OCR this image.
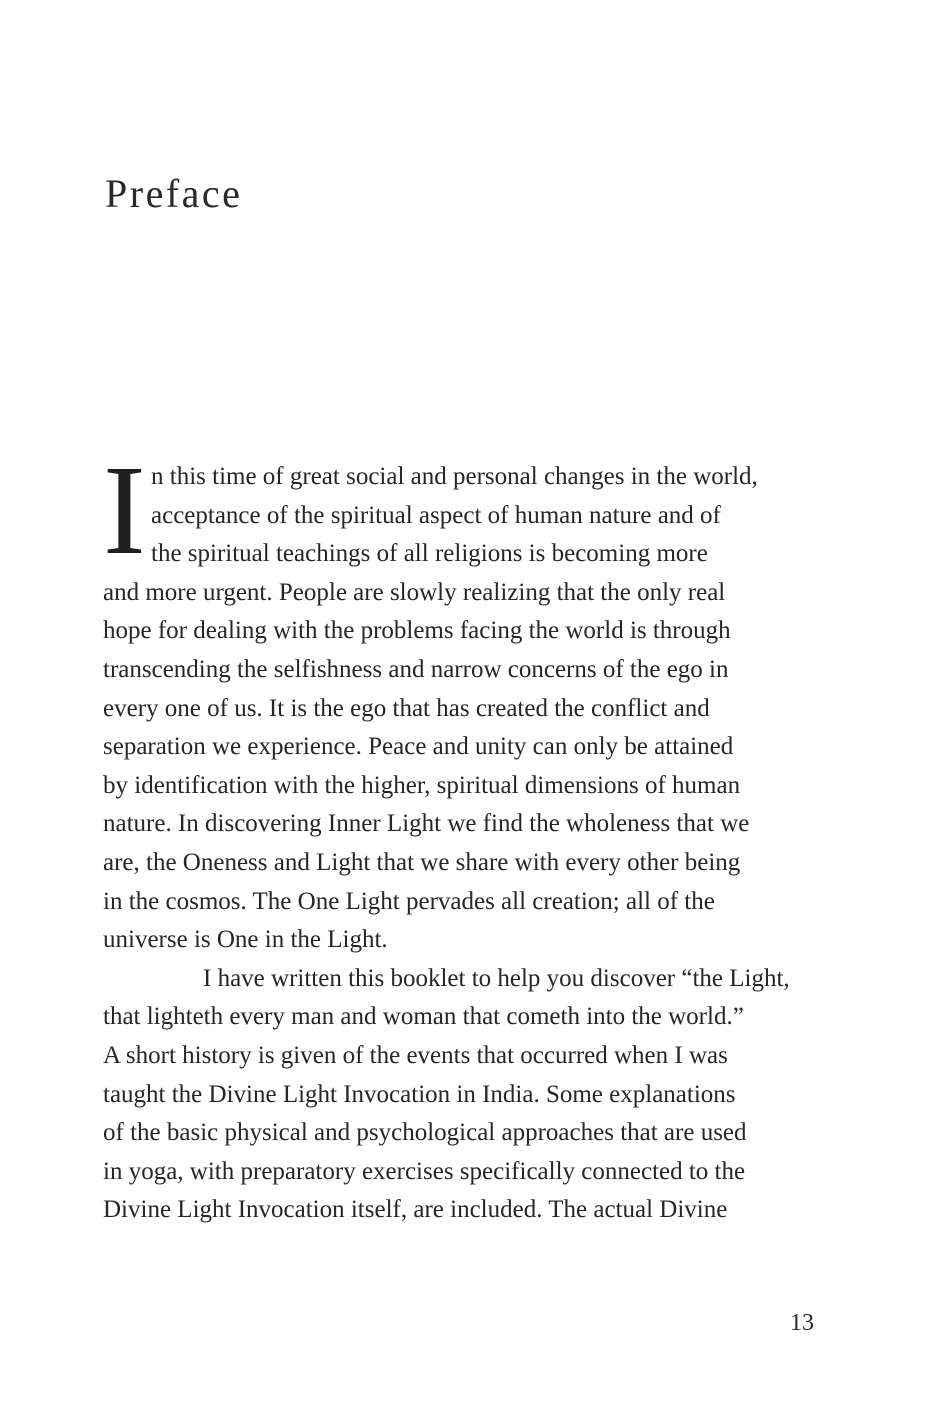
Preface
I n this time of great social and personal changes in the world,
acceptance of the spiritual aspect of human nature and of
the spiritual teachings of all religions is becoming more
and more urgent. People are slowly realizing that the only real
hope for dealing with the problems facing the world is through
transcending the selfishness and narrow concerns of the ego in
every one of us. It is the ego that has created the conflict and
separation we experience. Peace and unity can only be attained
by identification with the higher, spiritual dimensions of human
nature. In discovering Inner Light we find the wholeness that we
are, the Oneness and Light that we share with every other being
in the cosmos. The One Light pervades all creation; all of the
universe is One in the Light.
I have written this booklet to help you discover “the Light,
that lighteth every man and woman that cometh into the world.”
A short history is given of the events that occurred when I was
taught the Divine Light Invocation in India. Some explanations
of the basic physical and psychological approaches that are used
in yoga, with preparatory exercises specifically connected to the
Divine Light Invocation itself, are included. The actual Divine
13
